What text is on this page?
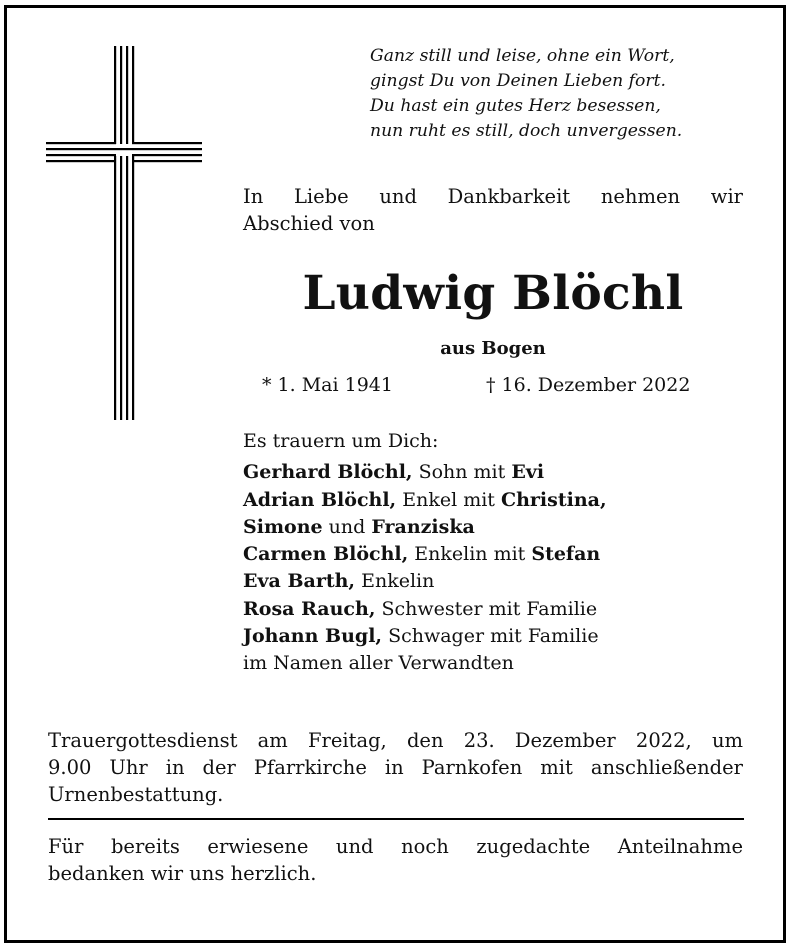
Ganz still und leise, ohne ein Wort,
gingst Du von Deinen Lieben fort.
Du hast ein gutes Herz besessen,
nun ruht es still, doch unvergessen.
In Liebe und Dankbarkeit nehmen wir
Abschied von
Ludwig Blöchl
aus Bogen
* 1. Mai 1941	† 16. Dezember 2022
Es trauern um Dich:
Gerhard Blöchl, Sohn mit Evi
Adrian Blöchl, Enkel mit Christina,
Simone und Franziska
Carmen Blöchl, Enkelin mit Stefan
Eva Barth, Enkelin
Rosa Rauch, Schwester mit Familie
Johann Bugl, Schwager mit Familie
im Namen aller Verwandten
Trauergottesdienst am Freitag, den 23. Dezember 2022, um
9.00 Uhr in der Pfarrkirche in Parnkofen mit anschließender
Urnenbestattung.
Für bereits erwiesene und noch zugedachte Anteilnahme
bedanken wir uns herzlich.
